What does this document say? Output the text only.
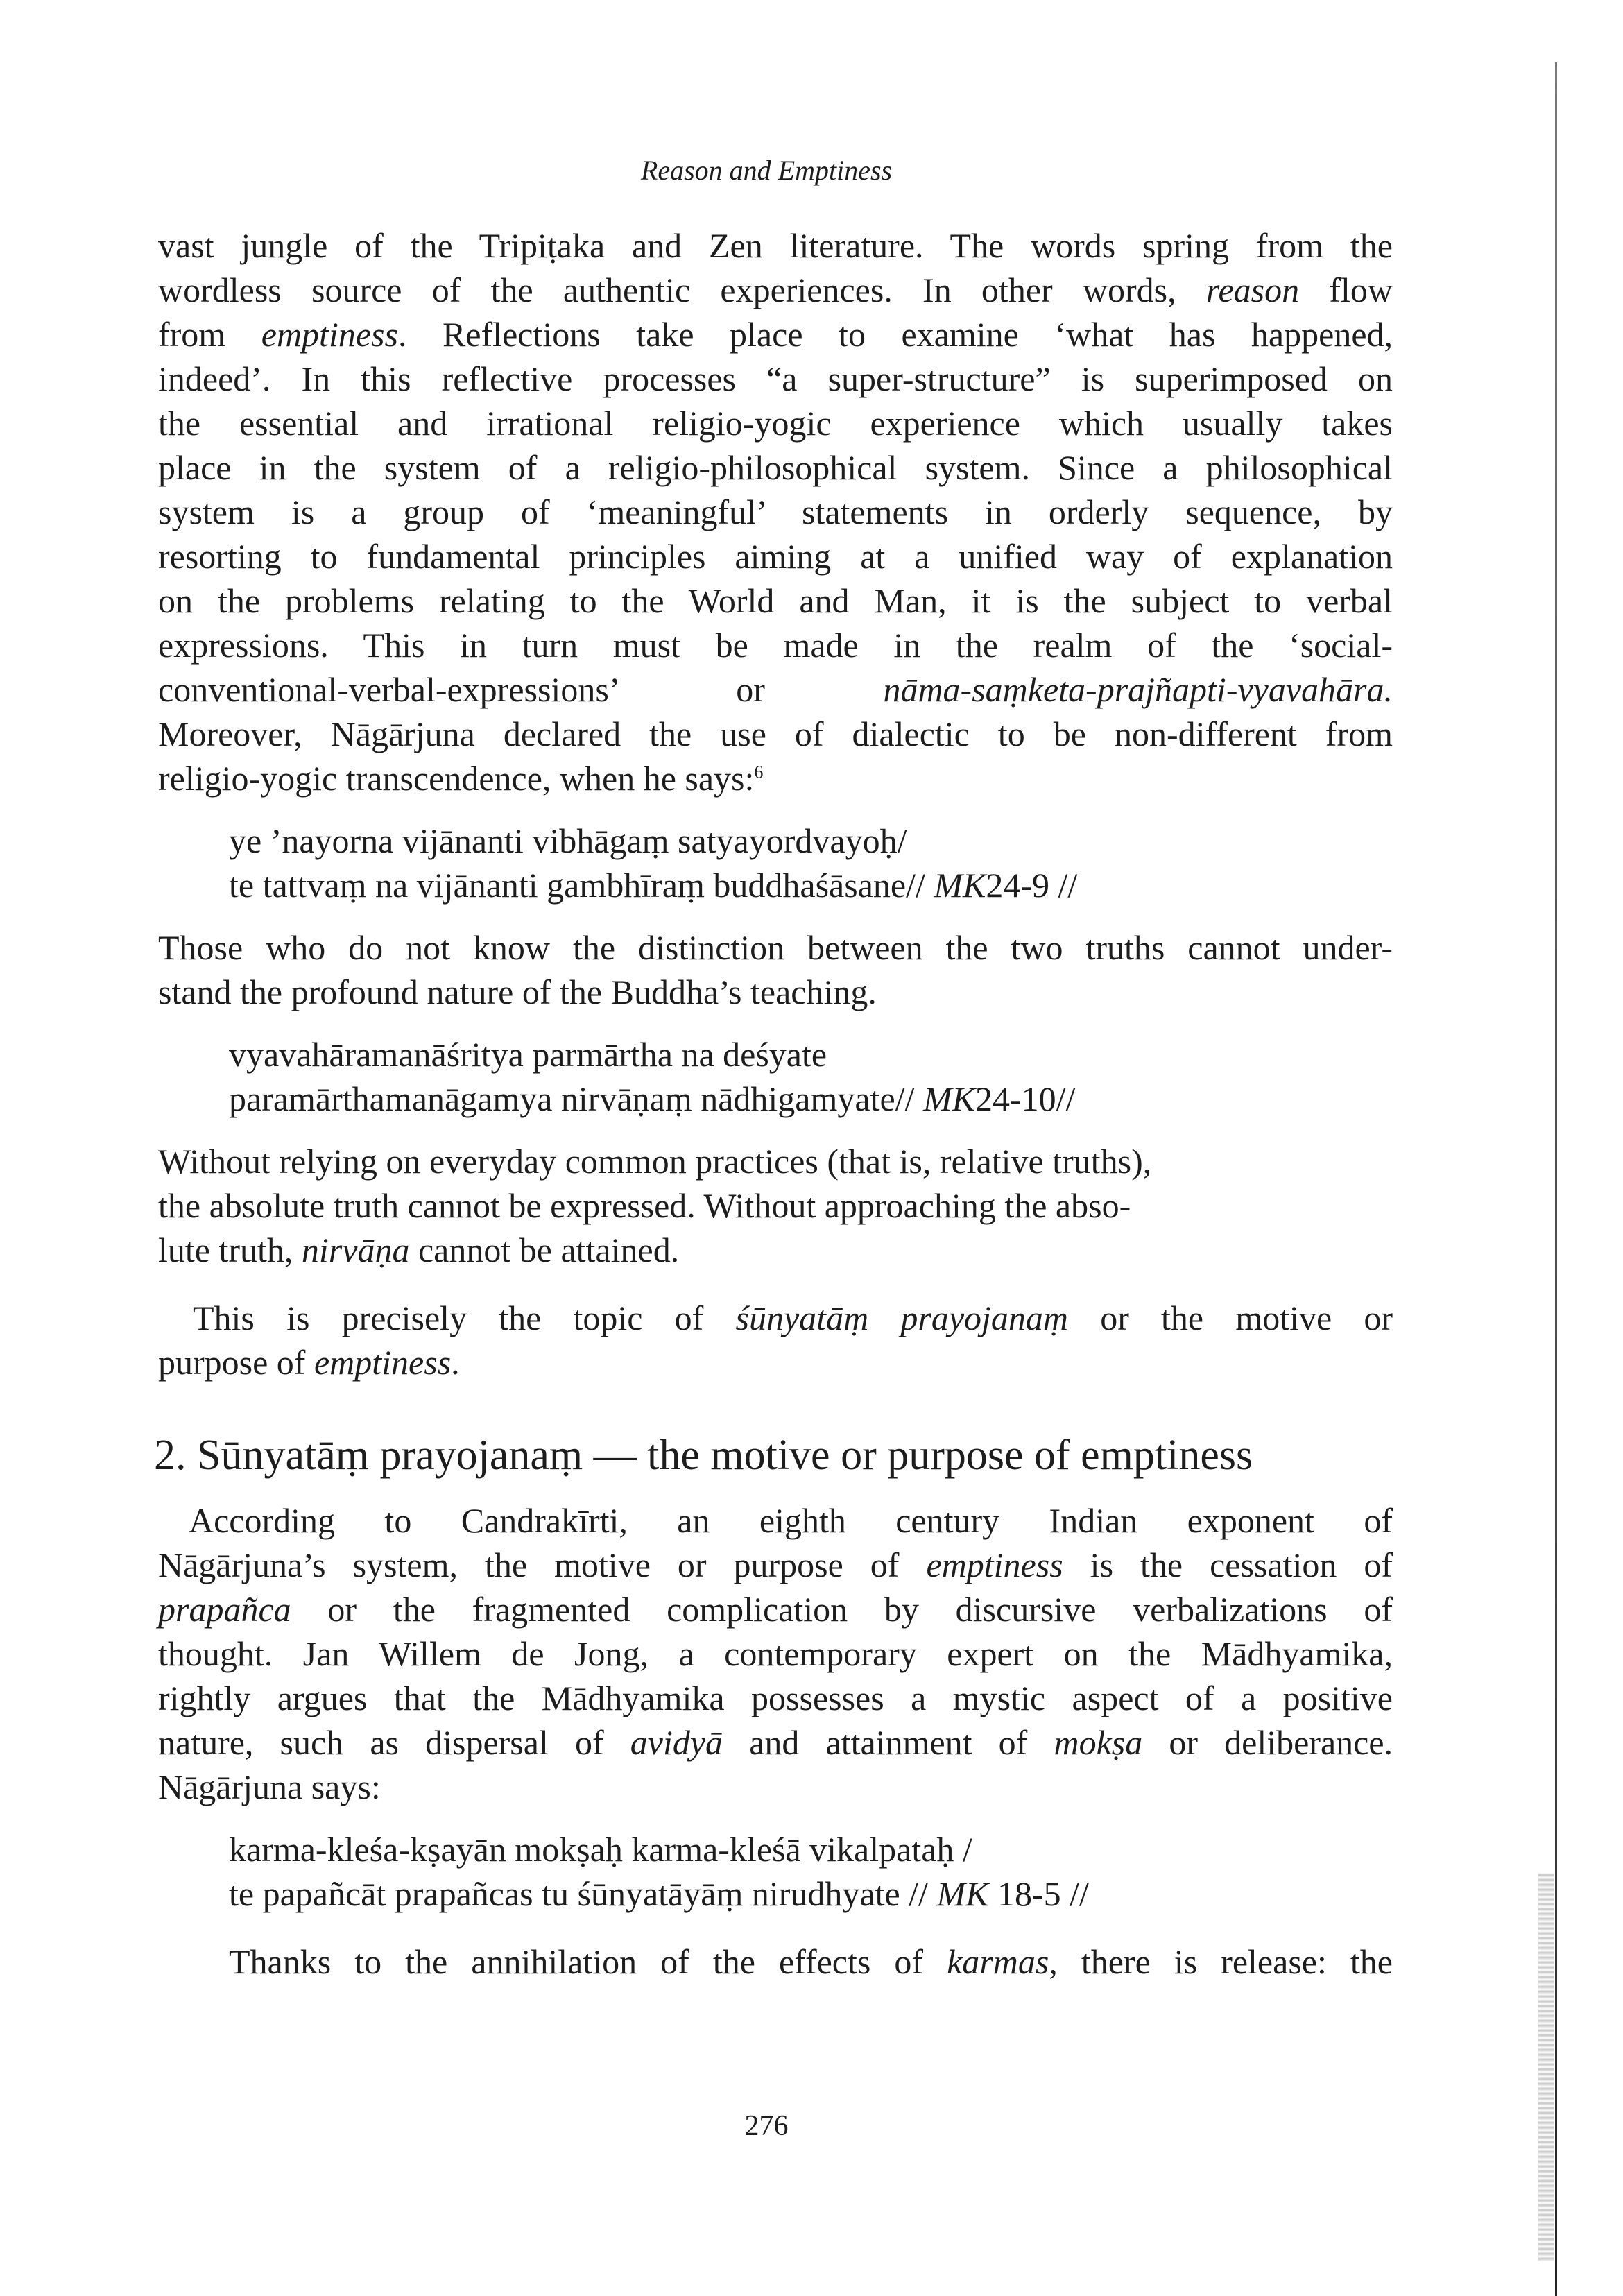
Reason and Emptiness
vast jungle of the Tripiṭaka and Zen literature. The words spring from the
wordless source of the authentic experiences. In other words, reason flow
from emptiness. Reflections take place to examine ‘what has happened,
indeed’. In this reflective processes “a super-structure” is superimposed on
the essential and irrational religio-yogic experience which usually takes
place in the system of a religio-philosophical system. Since a philosophical
system is a group of ‘meaningful’ statements in orderly sequence, by
resorting to fundamental principles aiming at a unified way of explanation
on the problems relating to the World and Man, it is the subject to verbal
expressions. This in turn must be made in the realm of the ‘social-
conventional-verbal-expressions’ or	nāma-saṃketa-prajñapti-vyavahāra.
Moreover, Nāgārjuna declared the use of dialectic to be non-different from
religio-yogic transcendence, when he says:$^6$
ye ’nayorna vijānanti vibhāgaṃ satyayordvayoḥ/
te tattvaṃ na vijānanti gambhīraṃ buddhaśāsane// MK24-9 //
Those who do not know the distinction between the two truths cannot under-
stand the profound nature of the Buddha’s teaching.
vyavahāramanāśritya parmārtha na deśyate
paramārthamanāgamya nirvāṇaṃ nādhigamyate// MK24-10//
Without relying on everyday common practices (that is, relative truths),
the absolute truth cannot be expressed. Without approaching the abso-
lute truth, nirvāṇa cannot be attained.
This is precisely the topic of śūnyatāṃ prayojanaṃ or the motive or
purpose of emptiness.
2. Sūnyatāṃ prayojanaṃ — the motive or purpose of emptiness
According to Candrakīrti, an eighth century Indian exponent of
Nāgārjuna’s system, the motive or purpose of emptiness is the cessation of
prapañca or the fragmented complication by discursive verbalizations of
thought. Jan Willem de Jong, a contemporary expert on the Mādhyamika,
rightly argues that the Mādhyamika possesses a mystic aspect of a positive
nature, such as dispersal of avidyā and attainment of mokṣa or deliberance.
Nāgārjuna says:
karma-kleśa-kṣayān mokṣaḥ karma-kleśā vikalpataḥ /
te papañcāt prapañcas tu śūnyatāyāṃ nirudhyate // MK 18-5 //
Thanks to the annihilation of the effects of karmas, there is release: the
276
